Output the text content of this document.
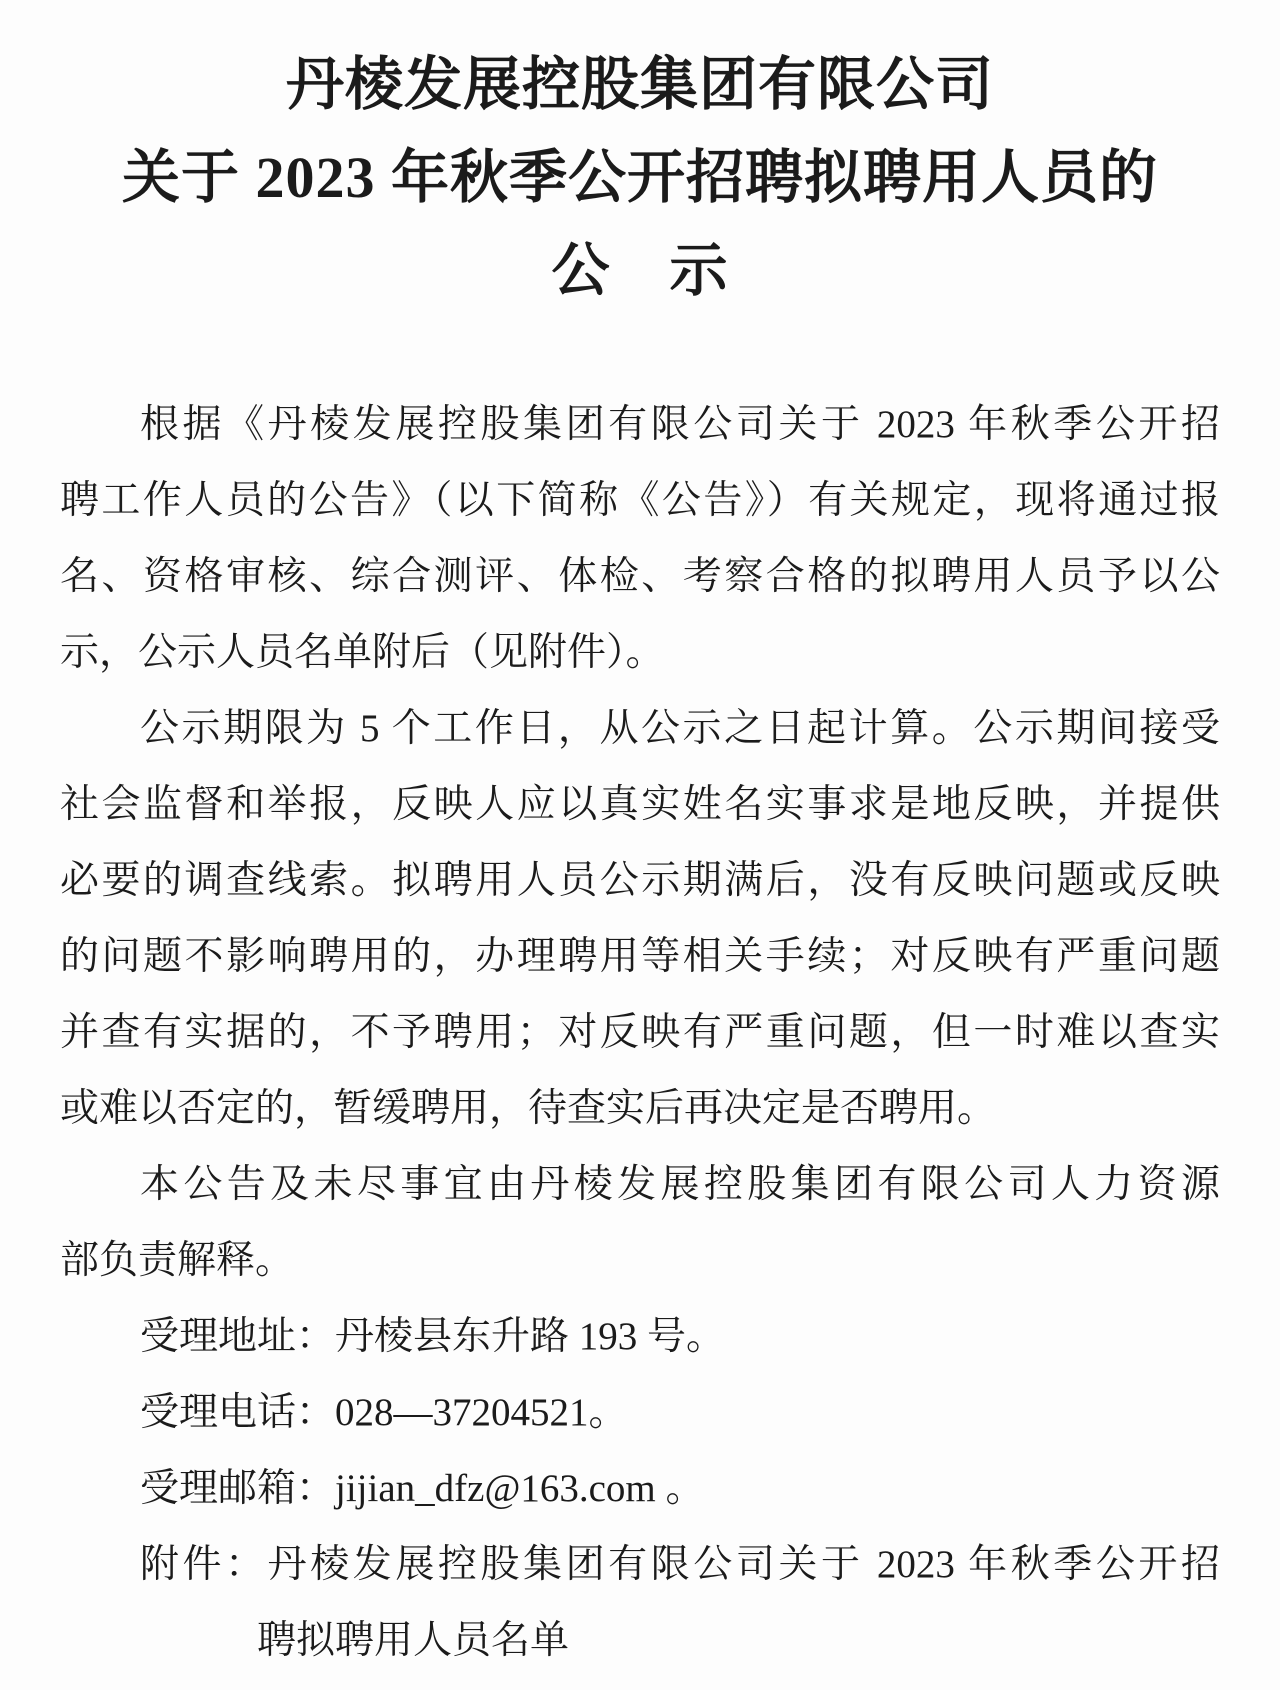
丹棱发展控股集团有限公司
关于 2023 年秋季公开招聘拟聘用人员的
公　示
根据《丹棱发展控股集团有限公司关于 2023 年秋季公开招
聘工作人员的公告》（以下简称《公告》）有关规定，现将通过报
名、资格审核、综合测评、体检、考察合格的拟聘用人员予以公
示，公示人员名单附后（见附件）。
公示期限为 5 个工作日，从公示之日起计算。公示期间接受
社会监督和举报，反映人应以真实姓名实事求是地反映，并提供
必要的调查线索。拟聘用人员公示期满后，没有反映问题或反映
的问题不影响聘用的，办理聘用等相关手续；对反映有严重问题
并查有实据的，不予聘用；对反映有严重问题，但一时难以查实
或难以否定的，暂缓聘用，待查实后再决定是否聘用。
本公告及未尽事宜由丹棱发展控股集团有限公司人力资源
部负责解释。
受理地址：丹棱县东升路 193 号。
受理电话：028—37204521。
受理邮箱：jijian_dfz@163.com 。
附件：丹棱发展控股集团有限公司关于 2023 年秋季公开招
聘拟聘用人员名单
